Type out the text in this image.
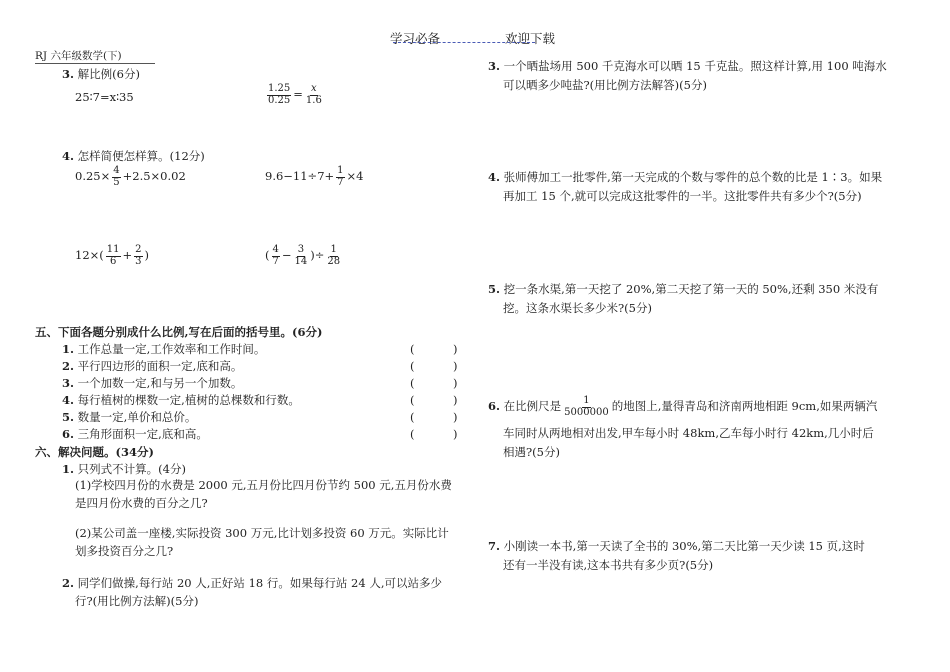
学习必备	欢迎下载
RJ 六年级数学(下)
3. 解比例(6分)
25∶7=x∶35	$\frac{1.25}{0.25} = \frac{x}{1.6}$
4. 怎样简便怎样算。(12分)
$0.25\times \frac{4}{5} +2.5\times 0.02$	$9.6-11\div 7+ \frac{1}{7} \times 4$
$12\times( \frac{11}{6} + \frac{2}{3}$ )	( $\frac{4}{7} - \frac{3}{14}$ )÷ $\frac{1}{28}$
五、下面各题分别成什么比例,写在后面的括号里。(6分)
1. 工作总量一定,工作效率和工作时间。	(　　　)
2. 平行四边形的面积一定,底和高。	(　　　)
3. 一个加数一定,和与另一个加数。	(　　　)
4. 每行植树的棵数一定,植树的总棵数和行数。	(　　　)
5. 数量一定,单价和总价。	(　　　)
6. 三角形面积一定,底和高。	(　　　)
六、解决问题。(34分)
1. 只列式不计算。(4分)
(1)学校四月份的水费是 2000 元,五月份比四月份节约 500 元,五月份水费
是四月份水费的百分之几?
(2)某公司盖一座楼,实际投资 300 万元,比计划多投资 60 万元。实际比计
划多投资百分之几?
2. 同学们做操,每行站 20 人,正好站 18 行。如果每行站 24 人,可以站多少
行?(用比例方法解)(5分)
3. 一个晒盐场用 500 千克海水可以晒 15 千克盐。照这样计算,用 100 吨海水
可以晒多少吨盐?(用比例方法解答)(5分)
4. 张师傅加工一批零件,第一天完成的个数与零件的总个数的比是 1∶3。如果
再加工 15 个,就可以完成这批零件的一半。这批零件共有多少个?(5分)
5. 挖一条水渠,第一天挖了 20%,第二天挖了第一天的 50%,还剩 350 米没有
挖。这条水渠长多少米?(5分)
6. 在比例尺是 $\frac{1}{5000000}$ 的地图上,量得青岛和济南两地相距 9cm,如果两辆汽
车同时从两地相对出发,甲车每小时 48km,乙车每小时行 42km,几小时后
相遇?(5分)
7. 小刚读一本书,第一天读了全书的 30%,第二天比第一天少读 15 页,这时
还有一半没有读,这本书共有多少页?(5分)
